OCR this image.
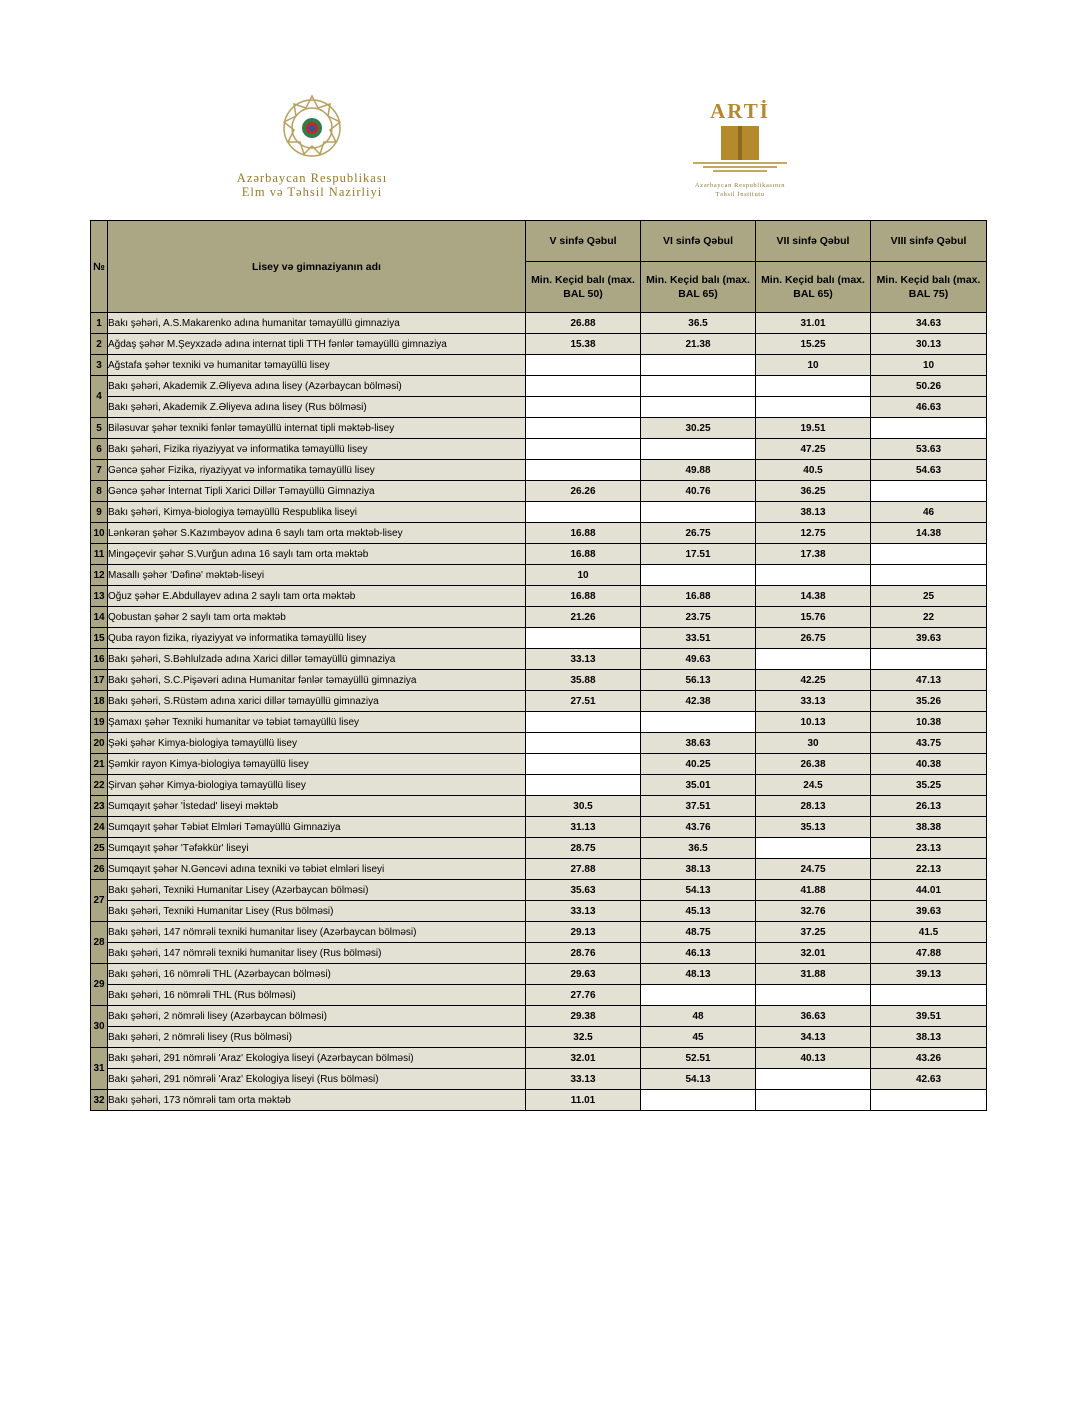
Azərbaycan Respublikası
Elm və Təhsil Nazirliyi
ARTİ
Azərbaycan Respublikasının
Təhsil İnstitutu
№	Lisey və gimnaziyanın adı	V sinfə Qəbul	VI sinfə Qəbul	VII sinfə Qəbul	VIII sinfə Qəbul
		Min. Keçid balı (max. BAL 50)	Min. Keçid balı (max. BAL 65)	Min. Keçid balı (max. BAL 65)	Min. Keçid balı (max. BAL 75)
1	Bakı şəhəri, A.S.Makarenko adına humanitar təmayüllü gimnaziya	26.88	36.5	31.01	34.63
2	Ağdaş şəhər M.Şeyxzadə adına internat tipli TTH fənlər təmayüllü gimnaziya	15.38	21.38	15.25	30.13
3	Ağstafa şəhər texniki və humanitar təmayüllü lisey			10	10
4	Bakı şəhəri, Akademik Z.Əliyeva adına lisey (Azərbaycan bölməsi)				50.26
	Bakı şəhəri, Akademik Z.Əliyeva adına lisey (Rus bölməsi)				46.63
5	Biləsuvar şəhər texniki fənlər təmayüllü internat tipli məktəb-lisey		30.25	19.51	
6	Bakı şəhəri, Fizika riyaziyyat və informatika təmayüllü lisey			47.25	53.63
7	Gəncə şəhər Fizika, riyaziyyat və informatika təmayüllü lisey		49.88	40.5	54.63
8	Gəncə şəhər İnternat Tipli Xarici Dillər Təmayüllü Gimnaziya	26.26	40.76	36.25	
9	Bakı şəhəri, Kimya-biologiya təmayüllü Respublika liseyi			38.13	46
10	Lənkəran şəhər S.Kazımbəyov adına 6 saylı tam orta məktəb-lisey	16.88	26.75	12.75	14.38
11	Mingəçevir şəhər S.Vurğun adına 16 saylı tam orta məktəb	16.88	17.51	17.38	
12	Masallı şəhər 'Dəfinə' məktəb-liseyi	10			
13	Oğuz şəhər E.Abdullayev adına 2 saylı tam orta məktəb	16.88	16.88	14.38	25
14	Qobustan şəhər 2 saylı tam orta məktəb	21.26	23.75	15.76	22
15	Quba rayon fizika, riyaziyyat və informatika təmayüllü lisey		33.51	26.75	39.63
16	Bakı şəhəri, S.Bəhlulzadə adına Xarici dillər təmayüllü gimnaziya	33.13	49.63		
17	Bakı şəhəri, S.C.Pişəvəri adına Humanitar fənlər təmayüllü gimnaziya	35.88	56.13	42.25	47.13
18	Bakı şəhəri, S.Rüstəm adına xarici dillər təmayüllü gimnaziya	27.51	42.38	33.13	35.26
19	Şamaxı şəhər Texniki humanitar və təbiət təmayüllü lisey			10.13	10.38
20	Şəki şəhər Kimya-biologiya təmayüllü lisey		38.63	30	43.75
21	Şəmkir rayon Kimya-biologiya təmayüllü lisey		40.25	26.38	40.38
22	Şirvan şəhər Kimya-biologiya təmayüllü lisey		35.01	24.5	35.25
23	Sumqayıt şəhər 'İstedad' liseyi məktəb	30.5	37.51	28.13	26.13
24	Sumqayıt şəhər Təbiət Elmləri Təmayüllü Gimnaziya	31.13	43.76	35.13	38.38
25	Sumqayıt şəhər 'Təfəkkür' liseyi	28.75	36.5		23.13
26	Sumqayıt şəhər N.Gəncəvi adına texniki və təbiət elmləri liseyi	27.88	38.13	24.75	22.13
27	Bakı şəhəri, Texniki Humanitar Lisey (Azərbaycan bölməsi)	35.63	54.13	41.88	44.01
	Bakı şəhəri, Texniki Humanitar Lisey (Rus bölməsi)	33.13	45.13	32.76	39.63
28	Bakı şəhəri, 147 nömrəli texniki humanitar lisey (Azərbaycan bölməsi)	29.13	48.75	37.25	41.5
	Bakı şəhəri, 147 nömrəli texniki humanitar lisey (Rus bölməsi)	28.76	46.13	32.01	47.88
29	Bakı şəhəri, 16 nömrəli THL (Azərbaycan bölməsi)	29.63	48.13	31.88	39.13
	Bakı şəhəri, 16 nömrəli THL (Rus bölməsi)	27.76			
30	Bakı şəhəri, 2 nömrəli lisey (Azərbaycan bölməsi)	29.38	48	36.63	39.51
	Bakı şəhəri, 2 nömrəli lisey (Rus bölməsi)	32.5	45	34.13	38.13
31	Bakı şəhəri, 291 nömrəli 'Araz' Ekologiya liseyi (Azərbaycan bölməsi)	32.01	52.51	40.13	43.26
	Bakı şəhəri, 291 nömrəli 'Araz' Ekologiya liseyi (Rus bölməsi)	33.13	54.13		42.63
32	Bakı şəhəri, 173 nömrəli tam orta məktəb	11.01			
